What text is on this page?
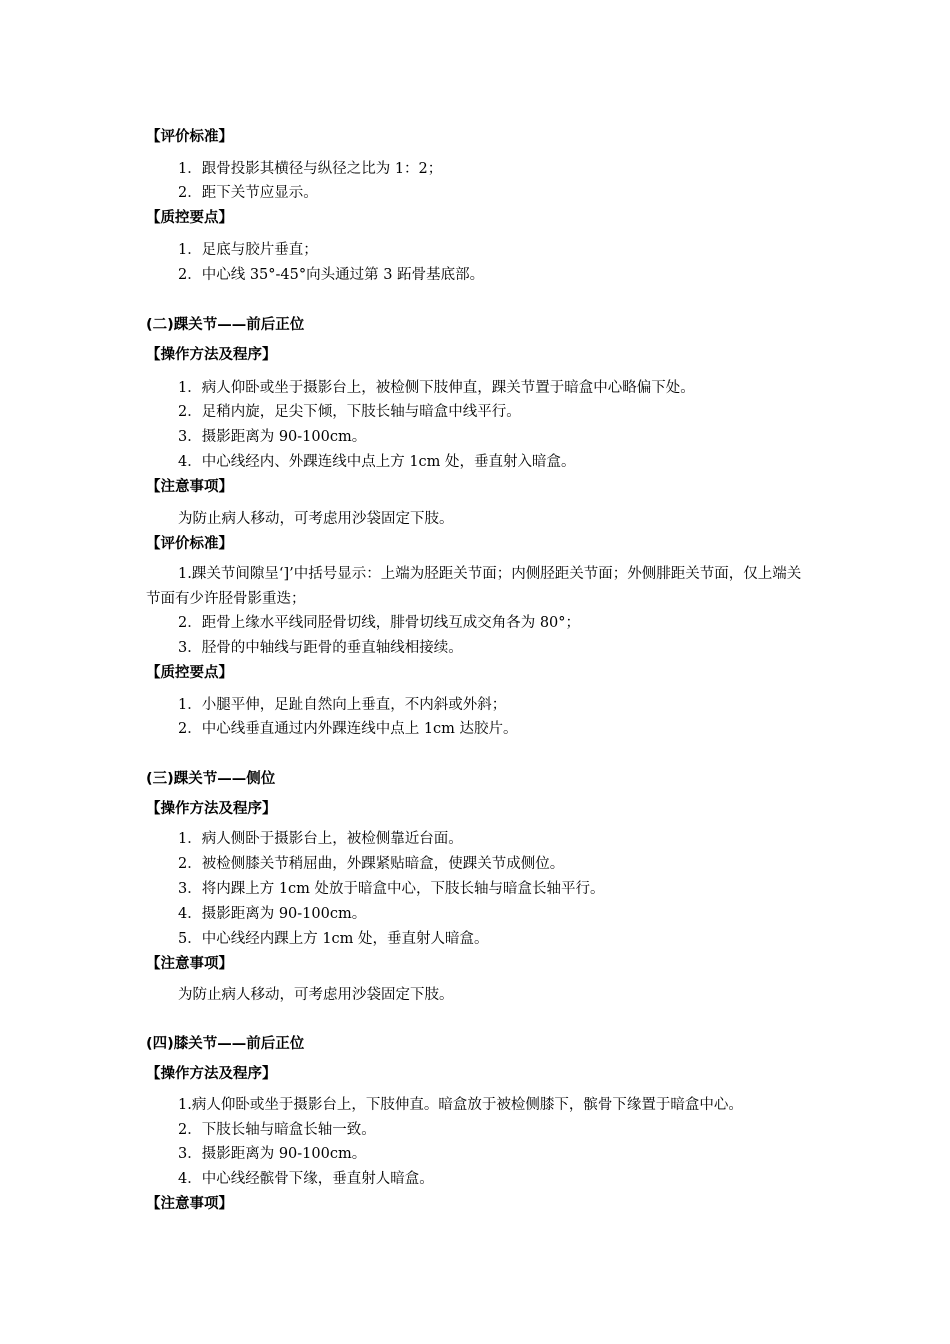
【评价标准】
1．跟骨投影其横径与纵径之比为 1：2；
2．距下关节应显示。
【质控要点】
1．足底与胶片垂直；
2．中心线 35°-45°向头通过第 3 跖骨基底部。
(二)踝关节——前后正位
【操作方法及程序】
1．病人仰卧或坐于摄影台上，被检侧下肢伸直，踝关节置于暗盒中心略偏下处。
2．足稍内旋，足尖下倾，下肢长轴与暗盒中线平行。
3．摄影距离为 90-100cm。
4．中心线经内、外踝连线中点上方 1cm 处，垂直射入暗盒。
【注意事项】
为防止病人移动，可考虑用沙袋固定下肢。
【评价标准】
1.踝关节间隙呈‘]’中括号显示：上端为胫距关节面；内侧胫距关节面；外侧腓距关节面，仅上端关节面有少许胫骨影重迭；
2．距骨上缘水平线同胫骨切线，腓骨切线互成交角各为 80°；
3．胫骨的中轴线与距骨的垂直轴线相接续。
【质控要点】
1．小腿平伸，足趾自然向上垂直，不内斜或外斜；
2．中心线垂直通过内外踝连线中点上 1cm 达胶片。
(三)踝关节——侧位
【操作方法及程序】
1．病人侧卧于摄影台上，被检侧靠近台面。
2．被检侧膝关节稍屈曲，外踝紧贴暗盒，使踝关节成侧位。
3．将内踝上方 1cm 处放于暗盒中心，下肢长轴与暗盒长轴平行。
4．摄影距离为 90-100cm。
5．中心线经内踝上方 1cm 处，垂直射人暗盒。
【注意事项】
为防止病人移动，可考虑用沙袋固定下肢。
(四)膝关节——前后正位
【操作方法及程序】
1.病人仰卧或坐于摄影台上，下肢伸直。暗盒放于被检侧膝下，髌骨下缘置于暗盒中心。
2．下肢长轴与暗盒长轴一致。
3．摄影距离为 90-100cm。
4．中心线经髌骨下缘，垂直射人暗盒。
【注意事项】
